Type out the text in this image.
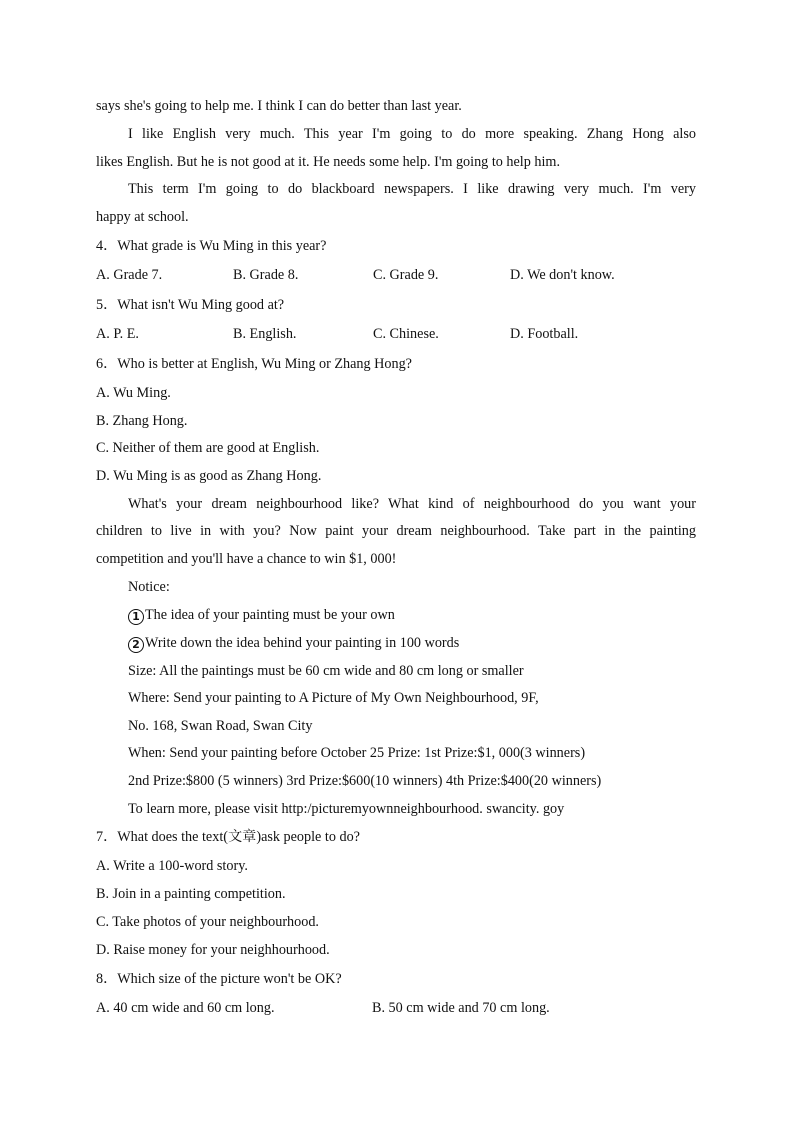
says she's going to help me. I think I can do better than last year.
I like English very much. This year I'm going to do more speaking. Zhang Hong also
likes English. But he is not good at it. He needs some help. I'm going to help him.
This term I'm going to do blackboard newspapers. I like drawing very much. I'm very
happy at school.
4．What grade is Wu Ming in this year?
A. Grade 7.	B. Grade 8.	C. Grade 9.	D. We don't know.
5．What isn't Wu Ming good at?
A. P. E.	B. English.	C. Chinese.	D. Football.
6．Who is better at English, Wu Ming or Zhang Hong?
A. Wu Ming.
B. Zhang Hong.
C. Neither of them are good at English.
D. Wu Ming is as good as Zhang Hong.
What's your dream neighbourhood like? What kind of neighbourhood do you want your
children to live in with you? Now paint your dream neighbourhood. Take part in the painting
competition and you'll have a chance to win $1, 000!
Notice:
1 The idea of your painting must be your own
2 Write down the idea behind your painting in 100 words
Size: All the paintings must be 60 cm wide and 80 cm long or smaller
Where: Send your painting to A Picture of My Own Neighbourhood, 9F,
No. 168, Swan Road, Swan City
When: Send your painting before October 25 Prize: 1st Prize:$1, 000(3 winners)
2nd Prize:$800 (5 winners) 3rd Prize:$600(10 winners) 4th Prize:$400(20 winners)
To learn more, please visit http:/picturemyownneighbourhood. swancity. goy
7．What does the text(文章)ask people to do?
A. Write a 100-word story.
B. Join in a painting competition.
C. Take photos of your neighbourhood.
D. Raise money for your neighhourhood.
8．Which size of the picture won't be OK?
A. 40 cm wide and 60 cm long.	B. 50 cm wide and 70 cm long.
